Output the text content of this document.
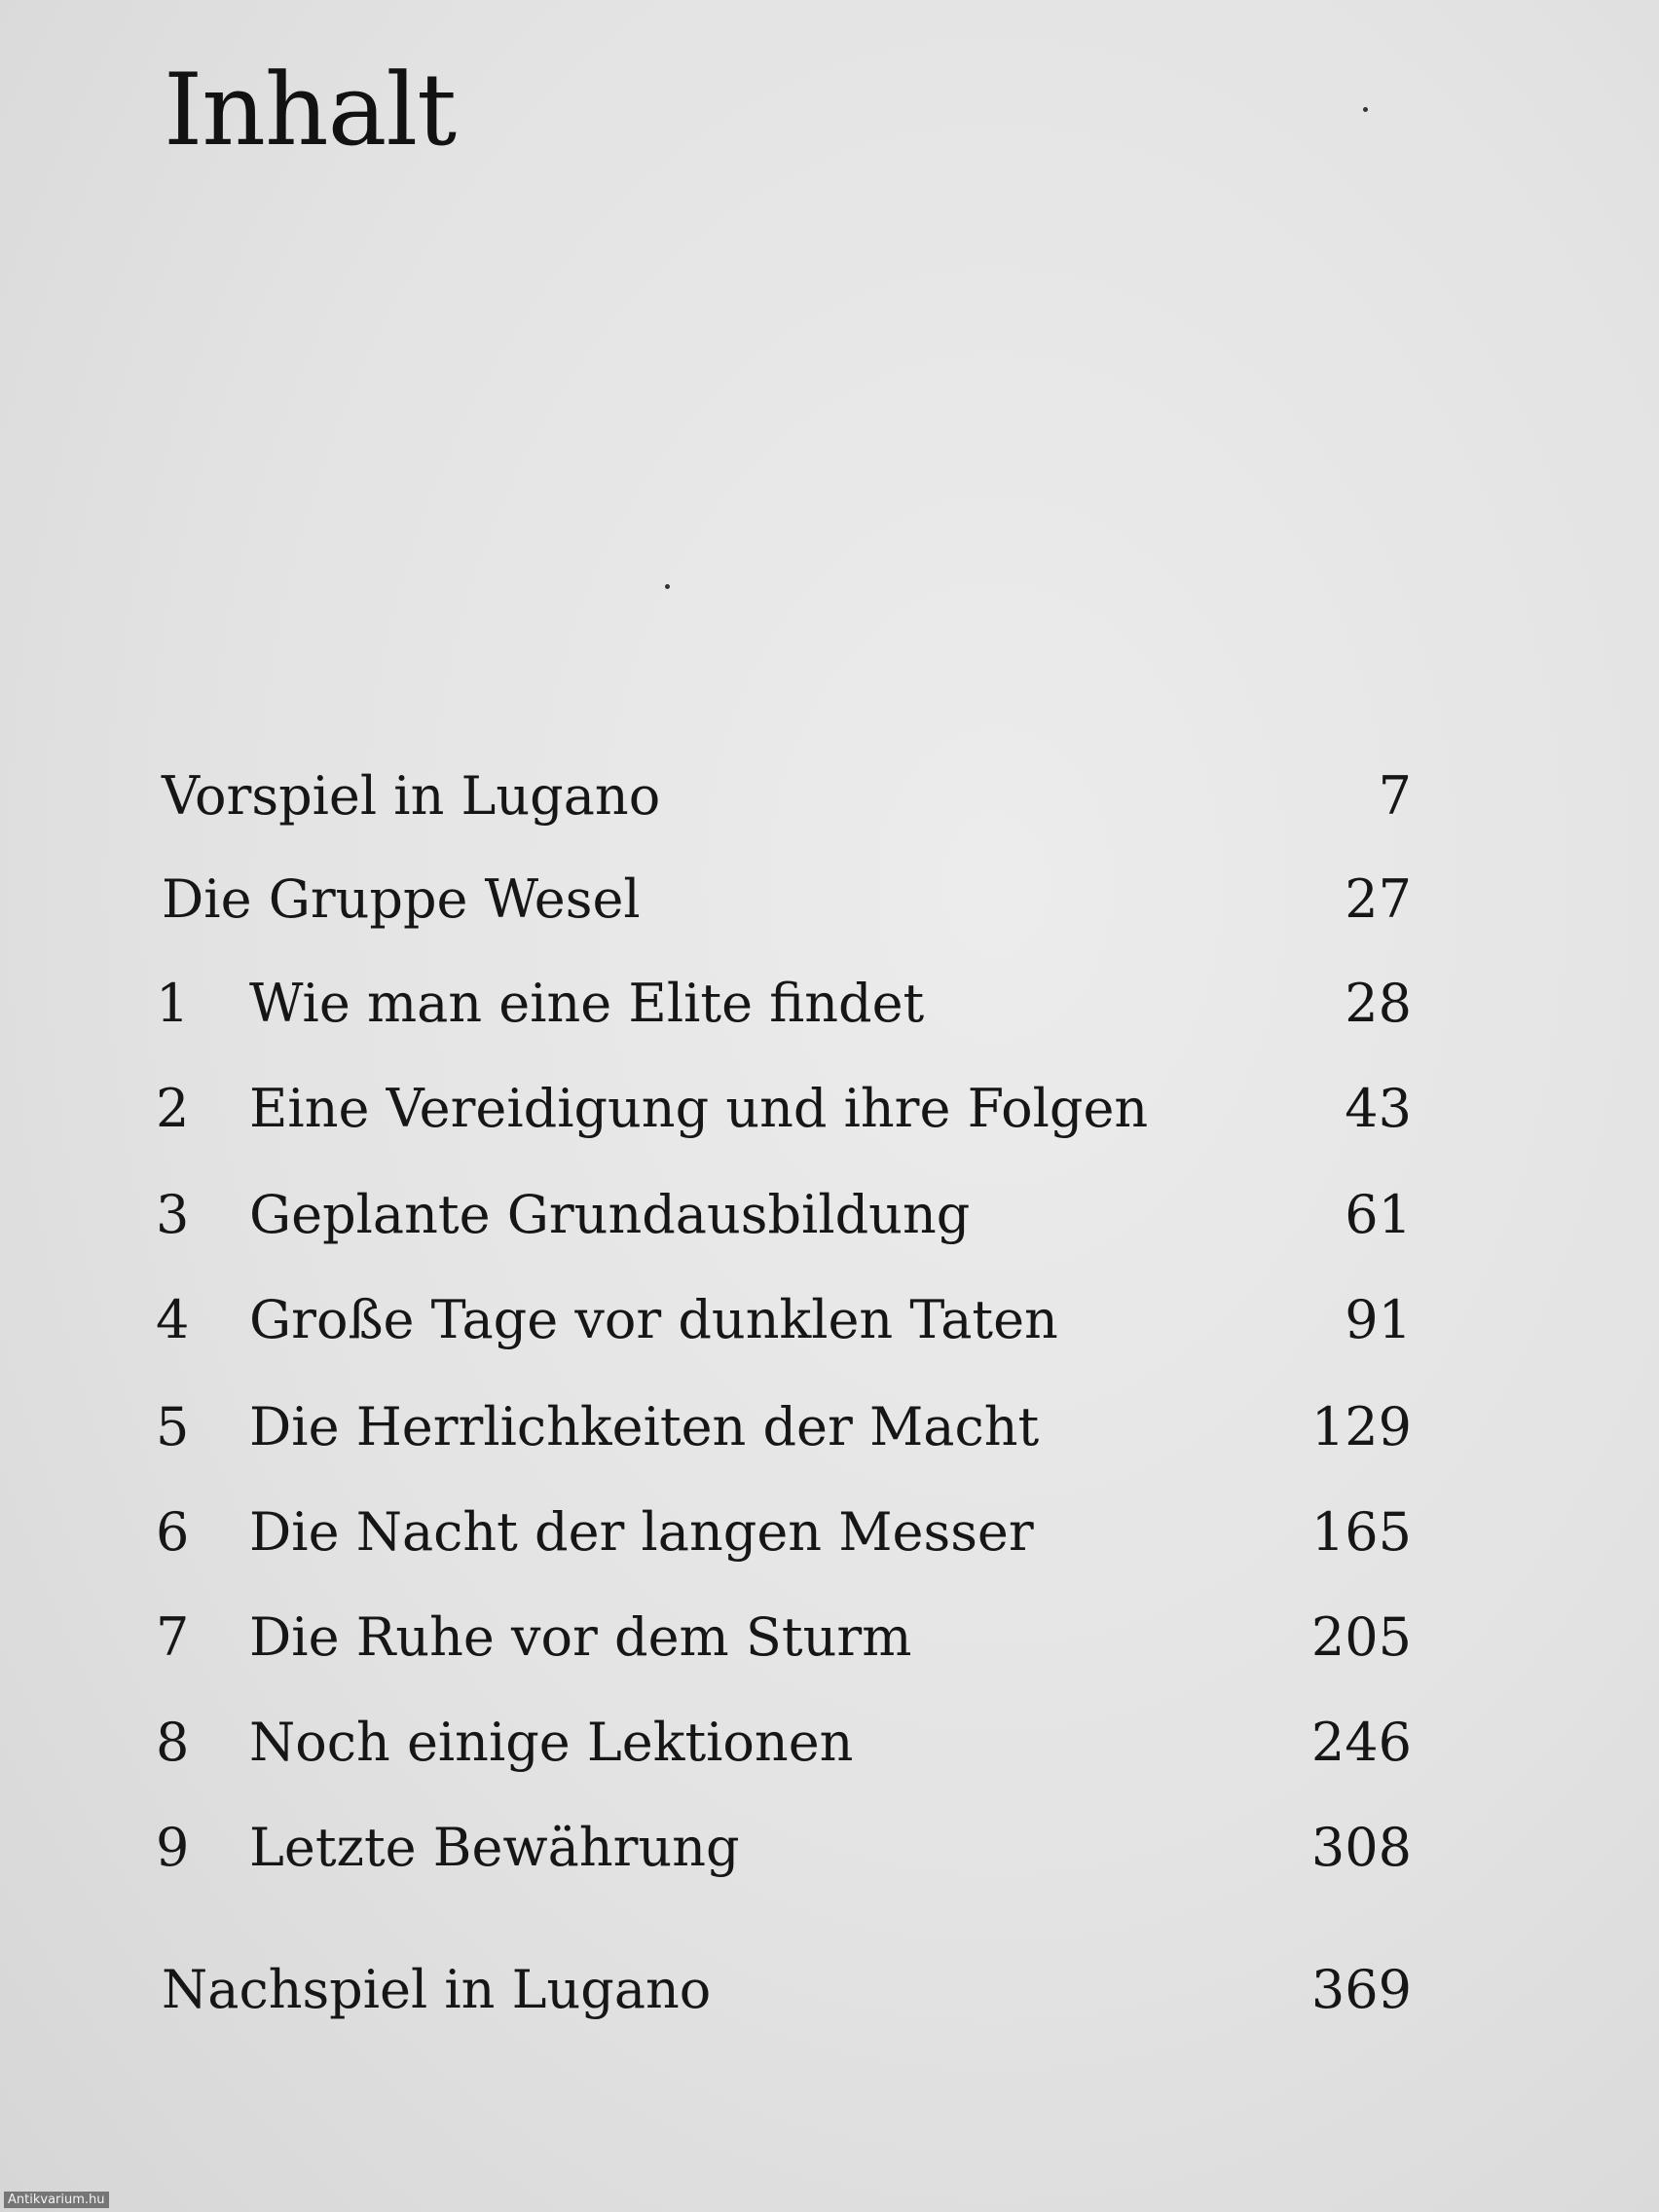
Inhalt
Vorspiel in Lugano	7
Die Gruppe Wesel	27
1 Wie man eine Elite findet	28
2 Eine Vereidigung und ihre Folgen	43
3 Geplante Grundausbildung	61
4 Große Tage vor dunklen Taten	91
5 Die Herrlichkeiten der Macht	129
6 Die Nacht der langen Messer	165
7 Die Ruhe vor dem Sturm	205
8 Noch einige Lektionen	246
9 Letzte Bewährung	308
Nachspiel in Lugano	369
Antikvarium.hu
